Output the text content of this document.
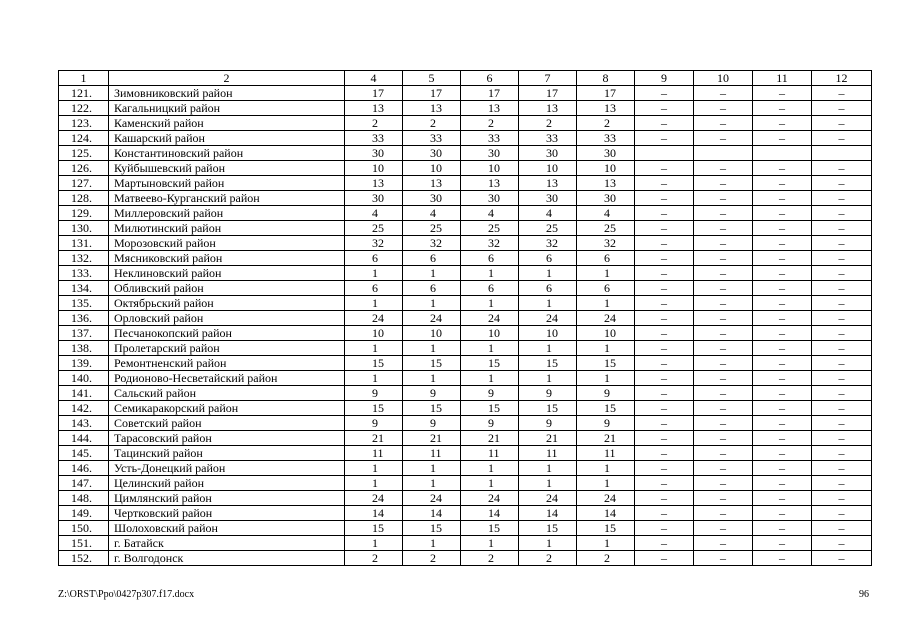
1	2	4	5	6	7	8	9	10	11	12
121.	Зимовниковский район	17	17	17	17	17	–	–	–	–
122.	Кагальницкий район	13	13	13	13	13	–	–	–	–
123.	Каменский район	2	2	2	2	2	–	–	–	–
124.	Кашарский район	33	33	33	33	33	–	–	–	–
125.	Константиновский район	30	30	30	30	30				
126.	Куйбышевский район	10	10	10	10	10	–	–	–	–
127.	Мартыновский район	13	13	13	13	13	–	–	–	–
128.	Матвеево-Курганский район	30	30	30	30	30	–	–	–	–
129.	Миллеровский район	4	4	4	4	4	–	–	–	–
130.	Милютинский район	25	25	25	25	25	–	–	–	–
131.	Морозовский район	32	32	32	32	32	–	–	–	–
132.	Мясниковский район	6	6	6	6	6	–	–	–	–
133.	Неклиновский район	1	1	1	1	1	–	–	–	–
134.	Обливский район	6	6	6	6	6	–	–	–	–
135.	Октябрьский район	1	1	1	1	1	–	–	–	–
136.	Орловский район	24	24	24	24	24	–	–	–	–
137.	Песчанокопский район	10	10	10	10	10	–	–	–	–
138.	Пролетарский район	1	1	1	1	1	–	–	–	–
139.	Ремонтненский район	15	15	15	15	15	–	–	–	–
140.	Родионово-Несветайский район	1	1	1	1	1	–	–	–	–
141.	Сальский район	9	9	9	9	9	–	–	–	–
142.	Семикаракорский район	15	15	15	15	15	–	–	–	–
143.	Советский район	9	9	9	9	9	–	–	–	–
144.	Тарасовский район	21	21	21	21	21	–	–	–	–
145.	Тацинский район	11	11	11	11	11	–	–	–	–
146.	Усть-Донецкий район	1	1	1	1	1	–	–	–	–
147.	Целинский район	1	1	1	1	1	–	–	–	–
148.	Цимлянский район	24	24	24	24	24	–	–	–	–
149.	Чертковский район	14	14	14	14	14	–	–	–	–
150.	Шолоховский район	15	15	15	15	15	–	–	–	–
151.	г. Батайск	1	1	1	1	1	–	–	–	–
152.	г. Волгодонск	2	2	2	2	2	–	–	–	–
Z:\ORST\Ppo\0427p307.f17.docx	96
